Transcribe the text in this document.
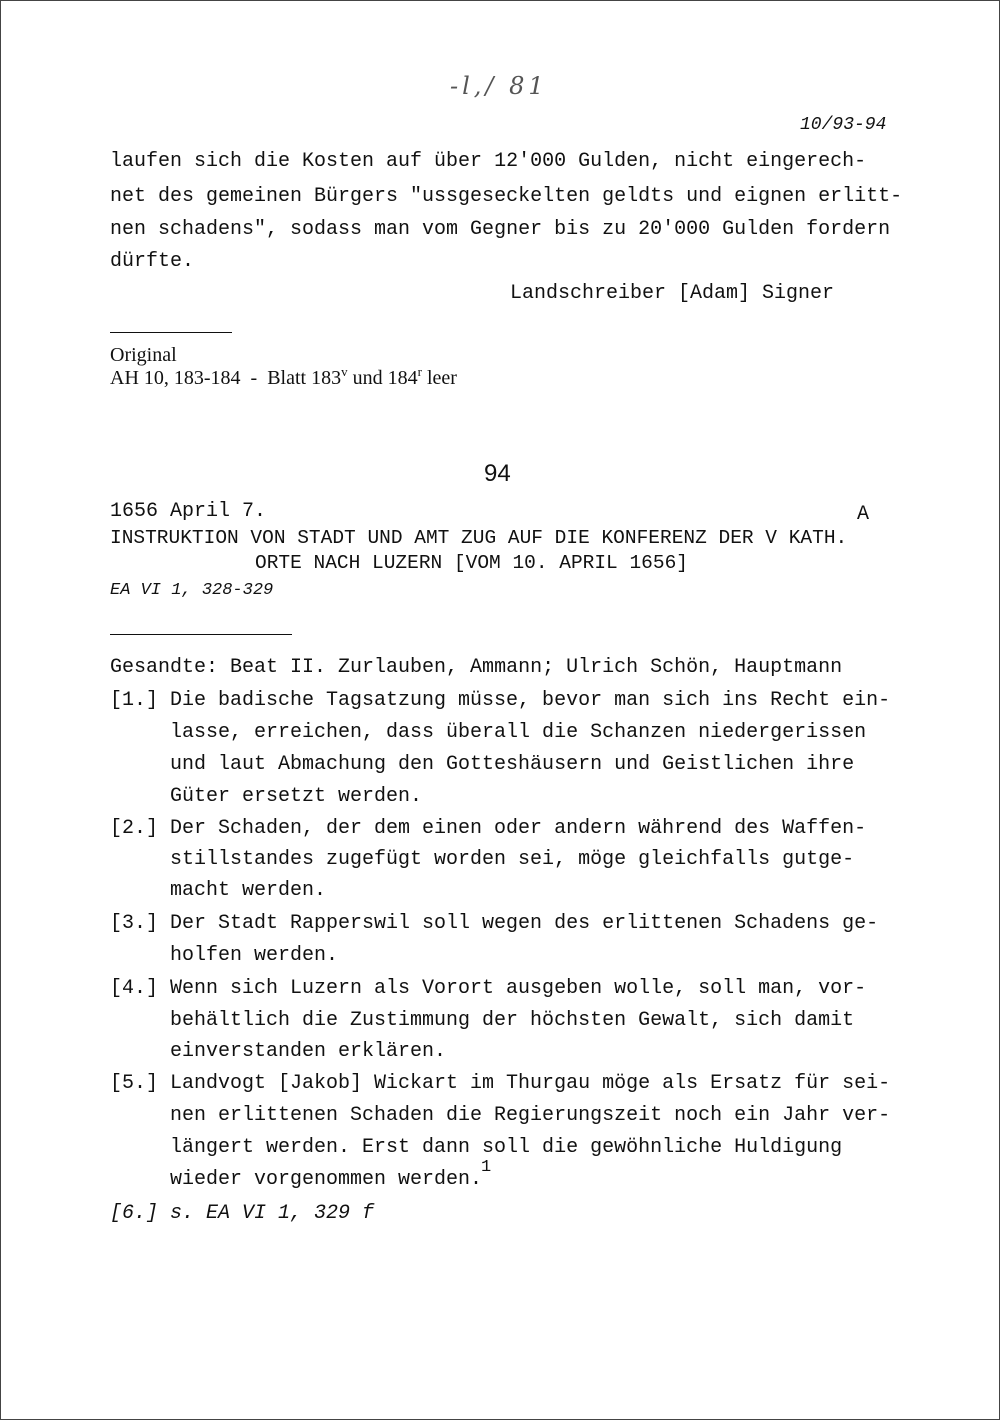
-l,/ 81
10/93-94
laufen sich die Kosten auf über 12'000 Gulden, nicht eingerech-
net des gemeinen Bürgers "ussgeseckelten geldts und eignen erlitt-
nen schadens", sodass man vom Gegner bis zu 20'000 Gulden fordern
dürfte.
Landschreiber [Adam] Signer
Original
AH 10, 183-184  -  Blatt 183$^v$ und 184$^r$ leer
94
1656 April 7.	A
INSTRUKTION VON STADT UND AMT ZUG AUF DIE KONFERENZ DER V KATH.
ORTE NACH LUZERN [VOM 10. APRIL 1656]
EA VI 1, 328-329
Gesandte: Beat II. Zurlauben, Ammann; Ulrich Schön, Hauptmann
[1.] Die badische Tagsatzung müsse, bevor man sich ins Recht ein-
lasse, erreichen, dass überall die Schanzen niedergerissen
und laut Abmachung den Gotteshäusern und Geistlichen ihre
Güter ersetzt werden.
[2.] Der Schaden, der dem einen oder andern während des Waffen-
stillstandes zugefügt worden sei, möge gleichfalls gutge-
macht werden.
[3.] Der Stadt Rapperswil soll wegen des erlittenen Schadens ge-
holfen werden.
[4.] Wenn sich Luzern als Vorort ausgeben wolle, soll man, vor-
behältlich die Zustimmung der höchsten Gewalt, sich damit
einverstanden erklären.
[5.] Landvogt [Jakob] Wickart im Thurgau möge als Ersatz für sei-
nen erlittenen Schaden die Regierungszeit noch ein Jahr ver-
längert werden. Erst dann soll die gewöhnliche Huldigung
wieder vorgenommen werden.
[6.] s. EA VI 1, 329 f
1
